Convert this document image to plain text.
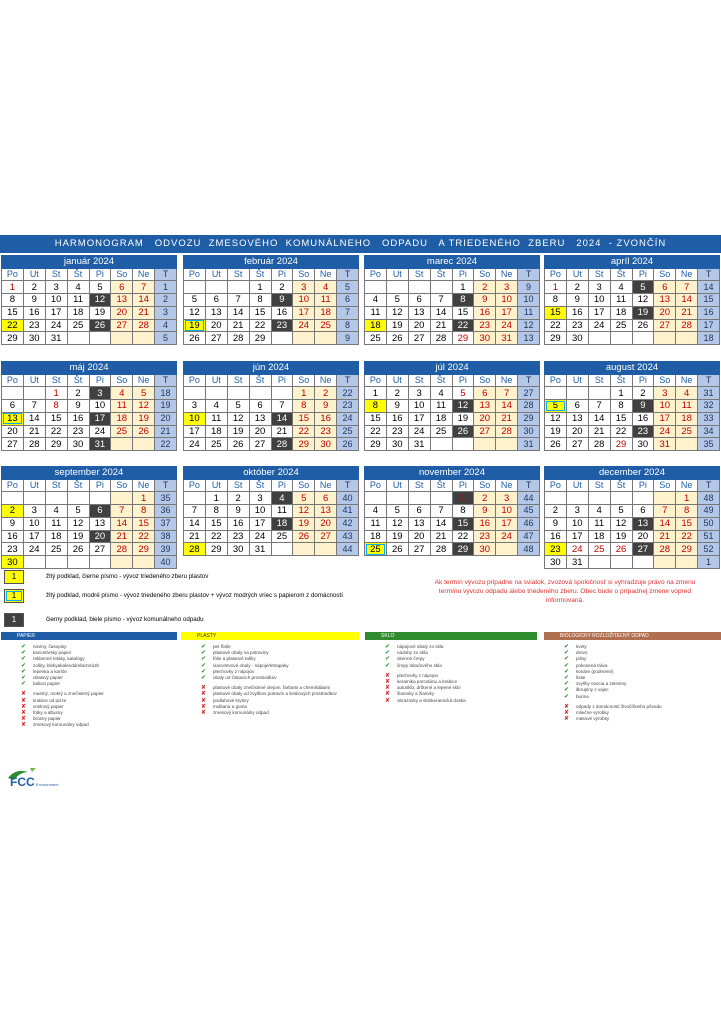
HARMONOGRAM   ODVOZU  ZMESOVÉHO  KOMUNÁLNEHO   ODPADU   A TRIEDENÉHO  ZBERU   2024  - ZVONČÍN
január 2024							
Po	Ut	St	Št	Pi	So	Ne	T
1	2	3	4	5	6	7	1
8	9	10	11	12	13	14	2
15	16	17	18	19	20	21	3
22	23	24	25	26	27	28	4
29	30	31					5
február 2024							
Po	Ut	St	Št	Pi	So	Ne	T
			1	2	3	4	5
5	6	7	8	9	10	11	6
12	13	14	15	16	17	18	7
19	20	21	22	23	24	25	8
26	27	28	29				9
marec 2024							
Po	Ut	St	Št	Pi	So	Ne	T
				1	2	3	9
4	5	6	7	8	9	10	10
11	12	13	14	15	16	17	11
18	19	20	21	22	23	24	12
25	26	27	28	29	30	31	13
apríl 2024							
Po	Ut	St	Št	Pi	So	Ne	T
1	2	3	4	5	6	7	14
8	9	10	11	12	13	14	15
15	16	17	18	19	20	21	16
22	23	24	25	26	27	28	17
29	30						18
máj 2024							
Po	Ut	St	Št	Pi	So	Ne	T
		1	2	3	4	5	18
6	7	8	9	10	11	12	19
13	14	15	16	17	18	19	20
20	21	22	23	24	25	26	21
27	28	29	30	31			22
jún 2024							
Po	Ut	St	Št	Pi	So	Ne	T
					1	2	22
3	4	5	6	7	8	9	23
10	11	12	13	14	15	16	24
17	18	19	20	21	22	23	25
24	25	26	27	28	29	30	26
júl 2024							
Po	Ut	St	Št	Pi	So	Ne	T
1	2	3	4	5	6	7	27
8	9	10	11	12	13	14	28
15	16	17	18	19	20	21	29
22	23	24	25	26	27	28	30
29	30	31					31
august 2024							
Po	Ut	St	Št	Pi	So	Ne	T
			1	2	3	4	31
5	6	7	8	9	10	11	32
12	13	14	15	16	17	18	33
19	20	21	22	23	24	25	34
26	27	28	29	30	31		35
september 2024							
Po	Ut	St	Št	Pi	So	Ne	T
						1	35
2	3	4	5	6	7	8	36
9	10	11	12	13	14	15	37
16	17	18	19	20	21	22	38
23	24	25	26	27	28	29	39
30							40
október 2024							
Po	Ut	St	Št	Pi	So	Ne	T
	1	2	3	4	5	6	40
7	8	9	10	11	12	13	41
14	15	16	17	18	19	20	42
21	22	23	24	25	26	27	43
28	29	30	31				44
november 2024							
Po	Ut	St	Št	Pi	So	Ne	T
				1	2	3	44
4	5	6	7	8	9	10	45
11	12	13	14	15	16	17	46
18	19	20	21	22	23	24	47
25	26	27	28	29	30		48
december 2024							
Po	Ut	St	Št	Pi	So	Ne	T
						1	48
2	3	4	5	6	7	8	49
9	10	11	12	13	14	15	50
16	17	18	19	20	21	22	51
23	24	25	26	27	28	29	52
30	31						1
1	žltý podklad, čierne písmo - vývoz triedeného zberu plastov
1	žltý podklad, modré písmo - vývoz triedeného zberu plastov + vývoz modrých vriec s papierom z domácností
1	čierny podklad, biele písmo - vývoz komunálneho odpadu
Ak termín vývozu pripadne na sviatok, zvozová spoločnosť si vyhradzuje právo na zmenu termínu vývozu odpadu alebo triedeného zberu. Obec bude o prípadnej zmene vopred informovaná.
PAPIER
✔ noviny, časopisy
✔ kancelársky papier
✔ reklamné letáky, katalógy
✔ zošity, blokyakalendárebezvrúzb
✔ lepenka a kartón
✔ obalový papier
✔ baliaci papier
✘ mastný, mokrý a znečistený papier
✘ krabice od pizze
✘ voskový papier
✘ fotky a albumy
✘ brúsny papier
✘ zmesový komunálny odpad
PLASTY
✔ pet fľaše
✔ plastové obaly na potraviny
✔ fólie a plastové tašky
✔ viacvrstvové obaly - nápoje/tetrapaky
✔ plechovky z nápojov
✔ obaly od čistiacich prostriedkov
✘ plastové obaly znečistené olejom, farbami a chemikáliami
✘ plastové obaly od zvyškov potravín a lieskových prostriedkov
✘ podlahové krytiny
✘ molitanu a guma
✘ zmesový komunálny odpad
SKLO
✔ nápojové obaly zo skla
✔ nádoby zo skla
✔ okenné črepy
✔ črepy tabuľového skla
✘ plechovky z nápojov
✘ keramika porcelánu a krabice
✘ autosklo, drôtené a lepené sklo
✘ žiarovky a žiarivky
✘ obrazovky a sklokeramická doska
BIOLOGICKY ROZLOŽITEĽNÝ ODPAD
✔ kvety
✔ drevo
✔ piliny
✔ pokosená tráva
✔ konáre (podrvené)
✔ lístie
✔ zvyšky ovocia a zeleniny
✔ škrupiny z vajec
✔ burina
✘ odpady z domácností živočíšneho pôvodu
✘ mliečne výrobky
✘ mäsové výrobky
FCC Environment
